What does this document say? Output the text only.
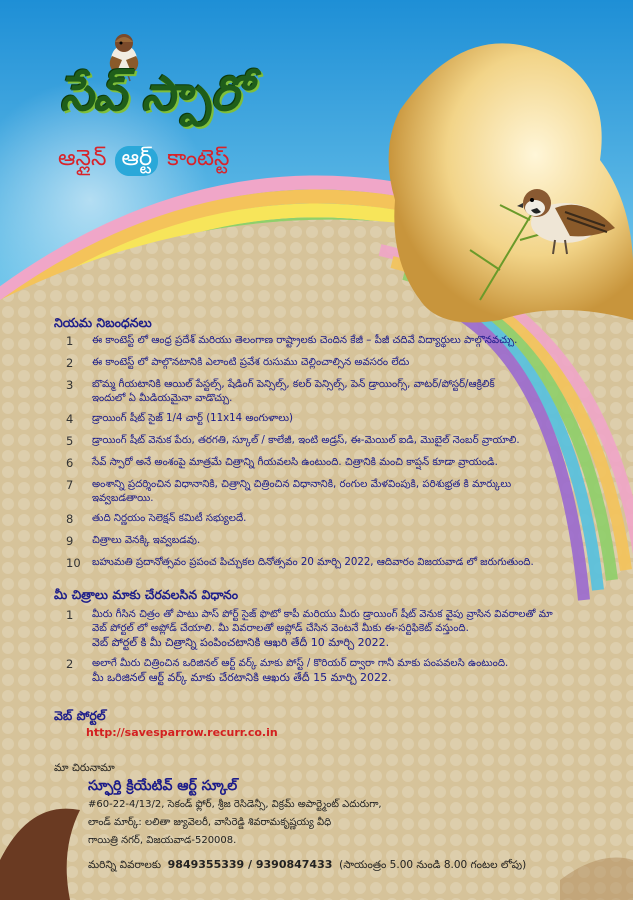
సేవ్ స్పారో
ఆన్లైన్ ఆర్ట్ కాంటెస్ట్
నియమ నిబంధనలు
1	ఈ కాంటెస్ట్ లో ఆంధ్ర ప్రదేశ్ మరియు తెలంగాణ రాష్ట్రాలకు చెందిన కేజీ – పీజీ చదివే విద్యార్థులు పాల్గొనవచ్చు.
2	ఈ కాంటెస్ట్ లో పాల్గొనటానికి ఎలాంటి ప్రవేశ రుసుము చెల్లించాల్సిన అవసరం లేదు
3	బొమ్మ గీయటానికి ఆయిల్ పేస్టల్స్, షేడింగ్ పెన్సిల్స్, కలర్ పెన్సిల్స్, పెన్ డ్రాయింగ్స్, వాటర్/పోస్టర్/ఆక్రిలిక్
ఇందులో ఏ మీడియమైనా వాడొచ్చు.
4	డ్రాయింగ్ షీట్ సైజ్ 1/4 చార్ట్ (11x14 అంగుళాలు)
5	డ్రాయింగ్ షీట్ వెనుక పేరు, తరగతి, స్కూల్ / కాలేజీ, ఇంటి అడ్రస్, ఈ-మెయిల్ ఐడి, మొబైల్ నెంబర్ వ్రాయాలి.
6	సేవ్ స్పారో అనే అంశంపై మాత్రమే చిత్రాన్ని గీయవలసి ఉంటుంది. చిత్రానికి మంచి కాప్షన్ కూడా వ్రాయండి.
7	అంశాన్ని ప్రదర్శించిన విధానానికి, చిత్రాన్ని చిత్రించిన విధానానికి, రంగుల మేళవింపుకి, పరిశుభ్రత కి మార్కులు
ఇవ్వబడతాయి.
8	తుది నిర్ణయం సెలెక్షన్ కమిటీ సభ్యులదే.
9	చిత్రాలు వెనక్కి ఇవ్వబడవు.
10	బహుమతి ప్రదానోత్సవం ప్రపంచ పిచ్చుకల దినోత్సవం 20 మార్చి 2022, ఆదివారం విజయవాడ లో జరుగుతుంది.
మీ చిత్రాలు మాకు చేరవలసిన విధానం
1 మీరు గీసిన చిత్రం తో పాటు పాస్ పోర్ట్ సైజ్ ఫొటో కాపీ మరియు మీరు డ్రాయింగ్ షీట్ వెనుక వైపు వ్రాసిన వివరాలతో మా
వెబ్ పోర్టల్ లో అప్లోడ్ చేయాలి. మీ వివరాలతో అప్లోడ్ చేసిన వెంటనే మీకు ఈ-సర్టిఫికెట్ వస్తుంది.
వెబ్ పోర్టల్ కి మీ చిత్రాన్ని పంపించటానికి ఆఖరి తేదీ 10 మార్చి 2022.
2 అలాగే మీరు చిత్రించిన ఒరిజినల్ ఆర్ట్ వర్క్ మాకు పోస్ట్ / కొరియర్ ద్వారా గానీ మాకు పంపవలసి ఉంటుంది.
మీ ఒరిజినల్ ఆర్ట్ వర్క్ మాకు చేరటానికి ఆఖరు తేదీ 15 మార్చి 2022.
వెబ్ పోర్టల్
http://savesparrow.recurr.co.in
మా చిరునామా
స్ఫూర్తి క్రియేటివ్ ఆర్ట్ స్కూల్
#60-22-4/13/2, సెకండ్ ఫ్లోర్, శ్రీజ రెసిడెన్సీ, విక్రమ్ అపార్ట్మెంట్ ఎదురుగా,
లాండ్ మార్క్: లలితా జ్యువెలరీ, వాసిరెడ్డి శివరామకృష్ణయ్య వీధి
గాయిత్రి నగర్, విజయవాడ-520008.
మరిన్ని వివరాలకు 9849355339 / 9390847433 (సాయంత్రం 5.00 నుండి 8.00 గంటల లోపు)
